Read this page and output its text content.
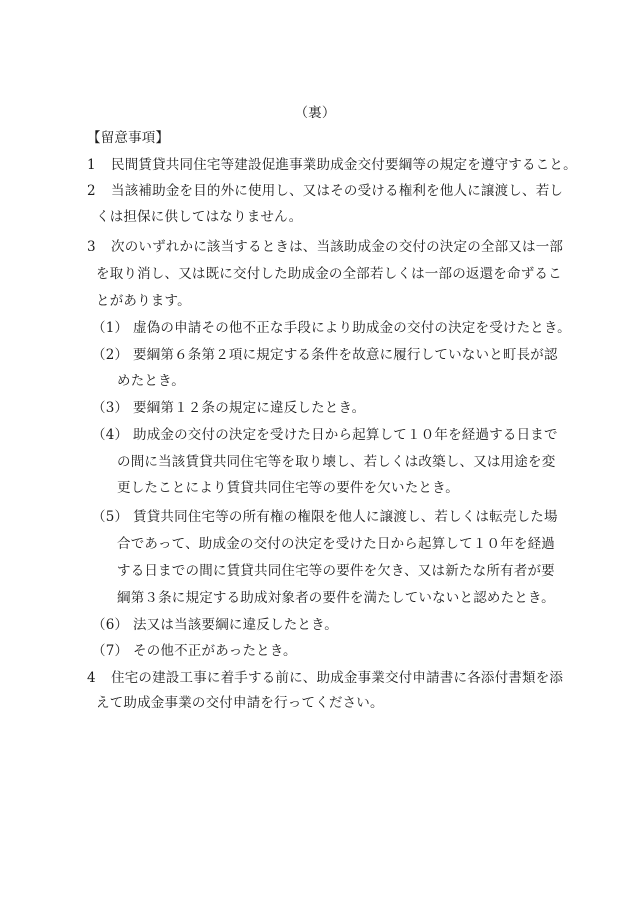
（裏）
【留意事項】
1 民間賃貸共同住宅等建設促進事業助成金交付要綱等の規定を遵守すること。
2 当該補助金を目的外に使用し、又はその受ける権利を他人に譲渡し、若し
くは担保に供してはなりません。
3 次のいずれかに該当するときは、当該助成金の交付の決定の全部又は一部
を取り消し、又は既に交付した助成金の全部若しくは一部の返還を命ずるこ
とがあります。
（1） 虚偽の申請その他不正な手段により助成金の交付の決定を受けたとき。
（2） 要綱第６条第２項に規定する条件を故意に履行していないと町長が認
めたとき。
（3） 要綱第１２条の規定に違反したとき。
（4） 助成金の交付の決定を受けた日から起算して１０年を経過する日まで
の間に当該賃貸共同住宅等を取り壊し、若しくは改築し、又は用途を変
更したことにより賃貸共同住宅等の要件を欠いたとき。
（5） 賃貸共同住宅等の所有権の権限を他人に譲渡し、若しくは転売した場
合であって、助成金の交付の決定を受けた日から起算して１０年を経過
する日までの間に賃貸共同住宅等の要件を欠き、又は新たな所有者が要
綱第３条に規定する助成対象者の要件を満たしていないと認めたとき。
（6） 法又は当該要綱に違反したとき。
（7） その他不正があったとき。
4 住宅の建設工事に着手する前に、助成金事業交付申請書に各添付書類を添
えて助成金事業の交付申請を行ってください。
